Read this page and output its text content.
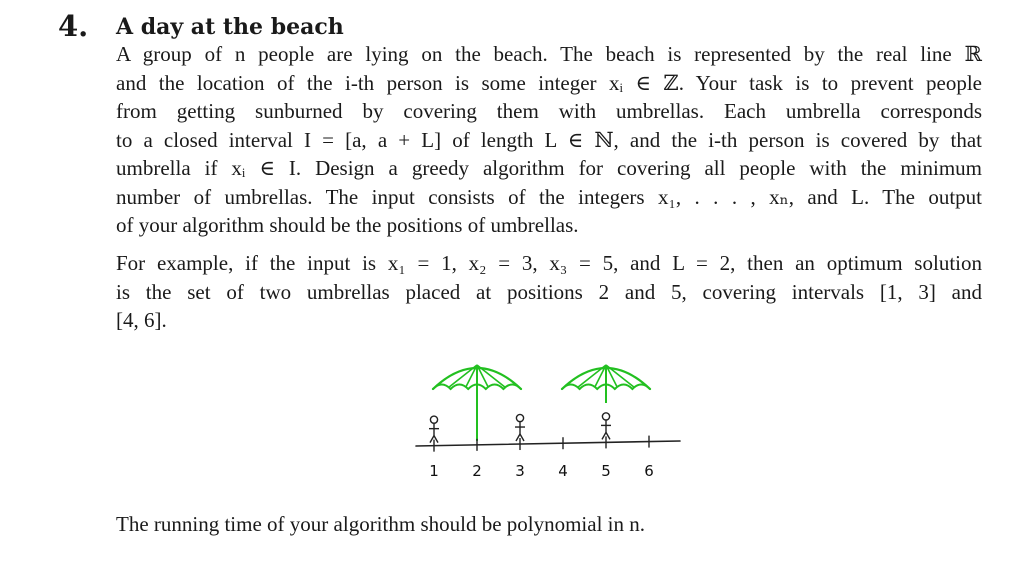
4. A day at the beach
A group of n people are lying on the beach. The beach is represented by the real line ℝ
and the location of the i-th person is some integer xᵢ ∈ ℤ. Your task is to prevent people
from getting sunburned by covering them with umbrellas. Each umbrella corresponds
to a closed interval I = [a, a + L] of length L ∈ ℕ, and the i-th person is covered by that
umbrella if xᵢ ∈ I. Design a greedy algorithm for covering all people with the minimum
number of umbrellas. The input consists of the integers x₁, . . . , xₙ, and L. The output
of your algorithm should be the positions of umbrellas.
For example, if the input is x₁ = 1, x₂ = 3, x₃ = 5, and L = 2, then an optimum solution
is the set of two umbrellas placed at positions 2 and 5, covering intervals [1, 3] and
[4, 6].
1 2 3 4 5 6
The running time of your algorithm should be polynomial in n.
